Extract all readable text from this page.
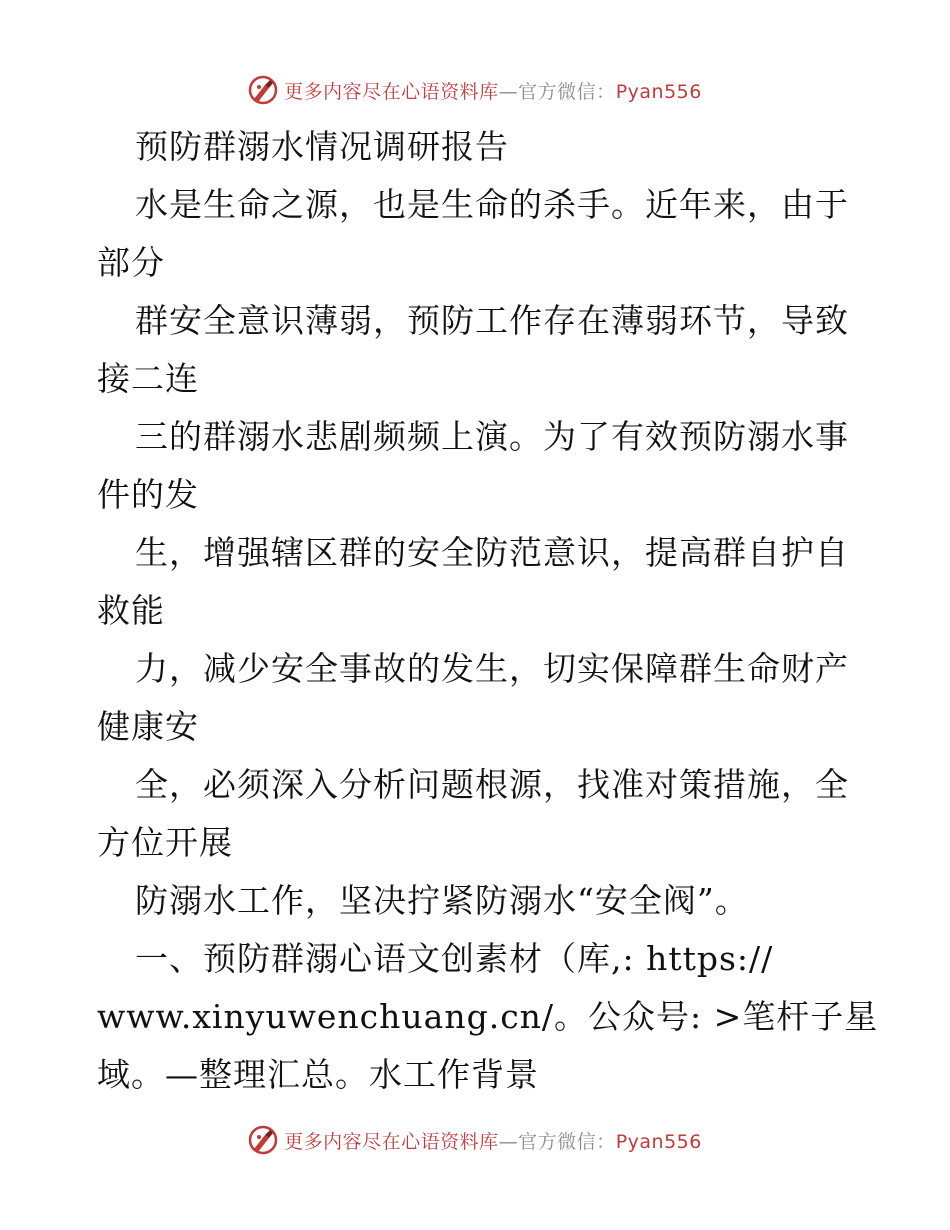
更多内容尽在心语资料库—官方微信：Pyan556
预防群溺水情况调研报告
水是生命之源，也是生命的杀手。近年来，由于
部分
群安全意识薄弱，预防工作存在薄弱环节，导致
接二连
三的群溺水悲剧频频上演。为了有效预防溺水事
件的发
生，增强辖区群的安全防范意识，提高群自护自
救能
力，减少安全事故的发生，切实保障群生命财产
健康安
全，必须深入分析问题根源，找准对策措施，全
方位开展
防溺水工作，坚决拧紧防溺水“安全阀”。
一、预防群溺心语文创素材（库,: https://
www.xinyuwenchuang.cn/。公众号: >笔杆子星
域。—整理汇总。水工作背景
更多内容尽在心语资料库—官方微信：Pyan556
